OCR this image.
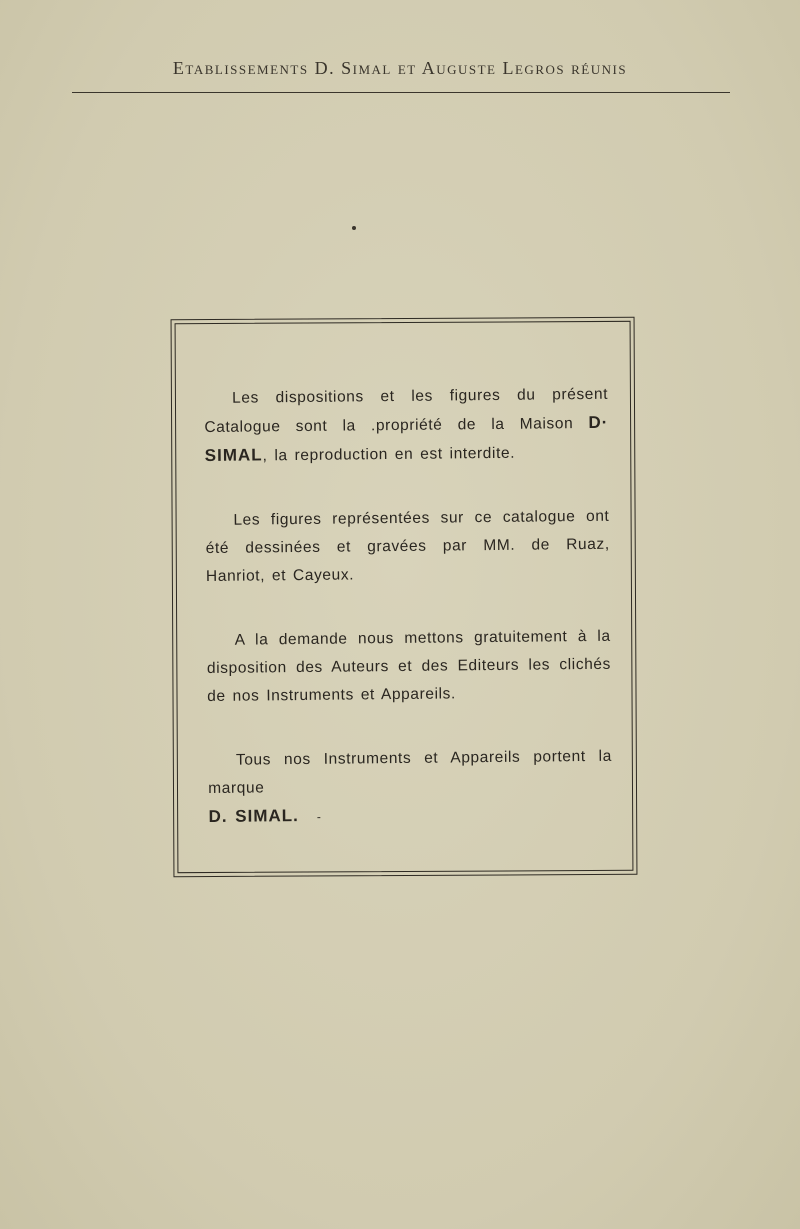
Etablissements D. Simal et Auguste Legros réunis

Les dispositions et les figures du présent Catalogue sont la .propriété de la Maison D· SIMAL, la reproduction en est interdite.

Les figures représentées sur ce catalogue ont été dessinées et gravées par MM. de Ruaz, Hanriot, et Cayeux.

A la demande nous mettons gratuitement à la disposition des Auteurs et des Editeurs les clichés de nos Instruments et Appareils.

Tous nos Instruments et Appareils portent la marque
D. SIMAL. -
